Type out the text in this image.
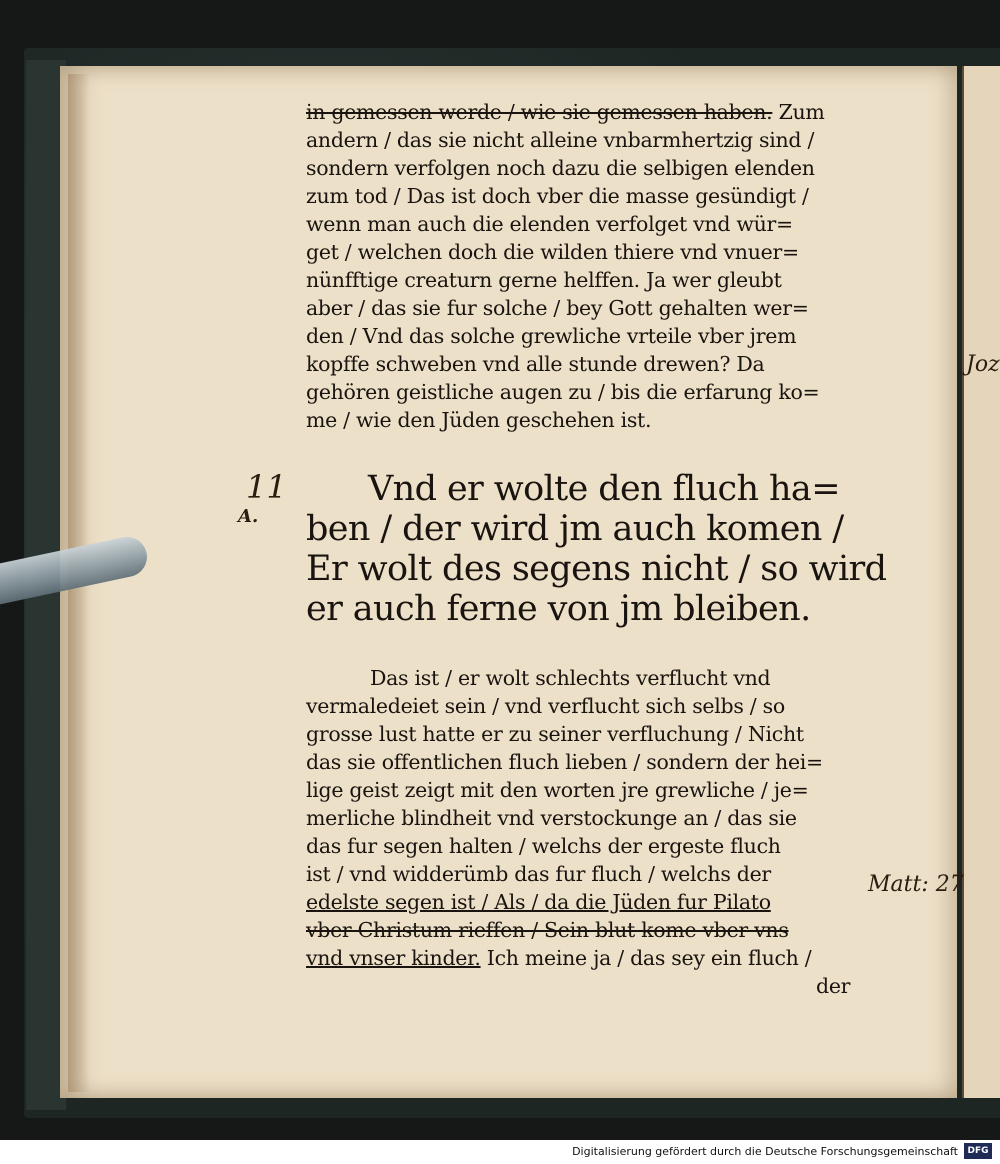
Joz
in gemessen werde / wie sie gemessen haben. Zum
andern / das sie nicht alleine vnbarmhertzig sind /
sondern verfolgen noch dazu die selbigen elenden
zum tod / Das ist doch vber die masse gesündigt /
wenn man auch die elenden verfolget vnd wür=
get / welchen doch die wilden thiere vnd vnuer=
nünfftige creaturn gerne helffen. Ja wer gleubt
aber / das sie fur solche / bey Gott gehalten wer=
den / Vnd das solche grewliche vrteile vber jrem
kopffe schweben vnd alle stunde drewen? Da
gehören geistliche augen zu / bis die erfarung ko=
me / wie den Jüden geschehen ist.
11
A.
Vnd er wolte den fluch ha=
ben / der wird jm auch komen /
Er wolt des segens nicht / so wird
er auch ferne von jm bleiben.
Das ist / er wolt schlechts verflucht vnd
vermaledeiet sein / vnd verflucht sich selbs / so
grosse lust hatte er zu seiner verfluchung / Nicht
das sie offentlichen fluch lieben / sondern der hei=
lige geist zeigt mit den worten jre grewliche / je=
merliche blindheit vnd verstockunge an / das sie
das fur segen halten / welchs der ergeste fluch
ist / vnd widderümb das fur fluch / welchs der
edelste segen ist / Als / da die Jüden fur Pilato
vber Christum rieffen / Sein blut kome vber vns
vnd vnser kinder. Ich meine ja / das sey ein fluch /
der
Matt: 27
Digitalisierung gefördert durch die Deutsche Forschungsgemeinschaft	DFG
